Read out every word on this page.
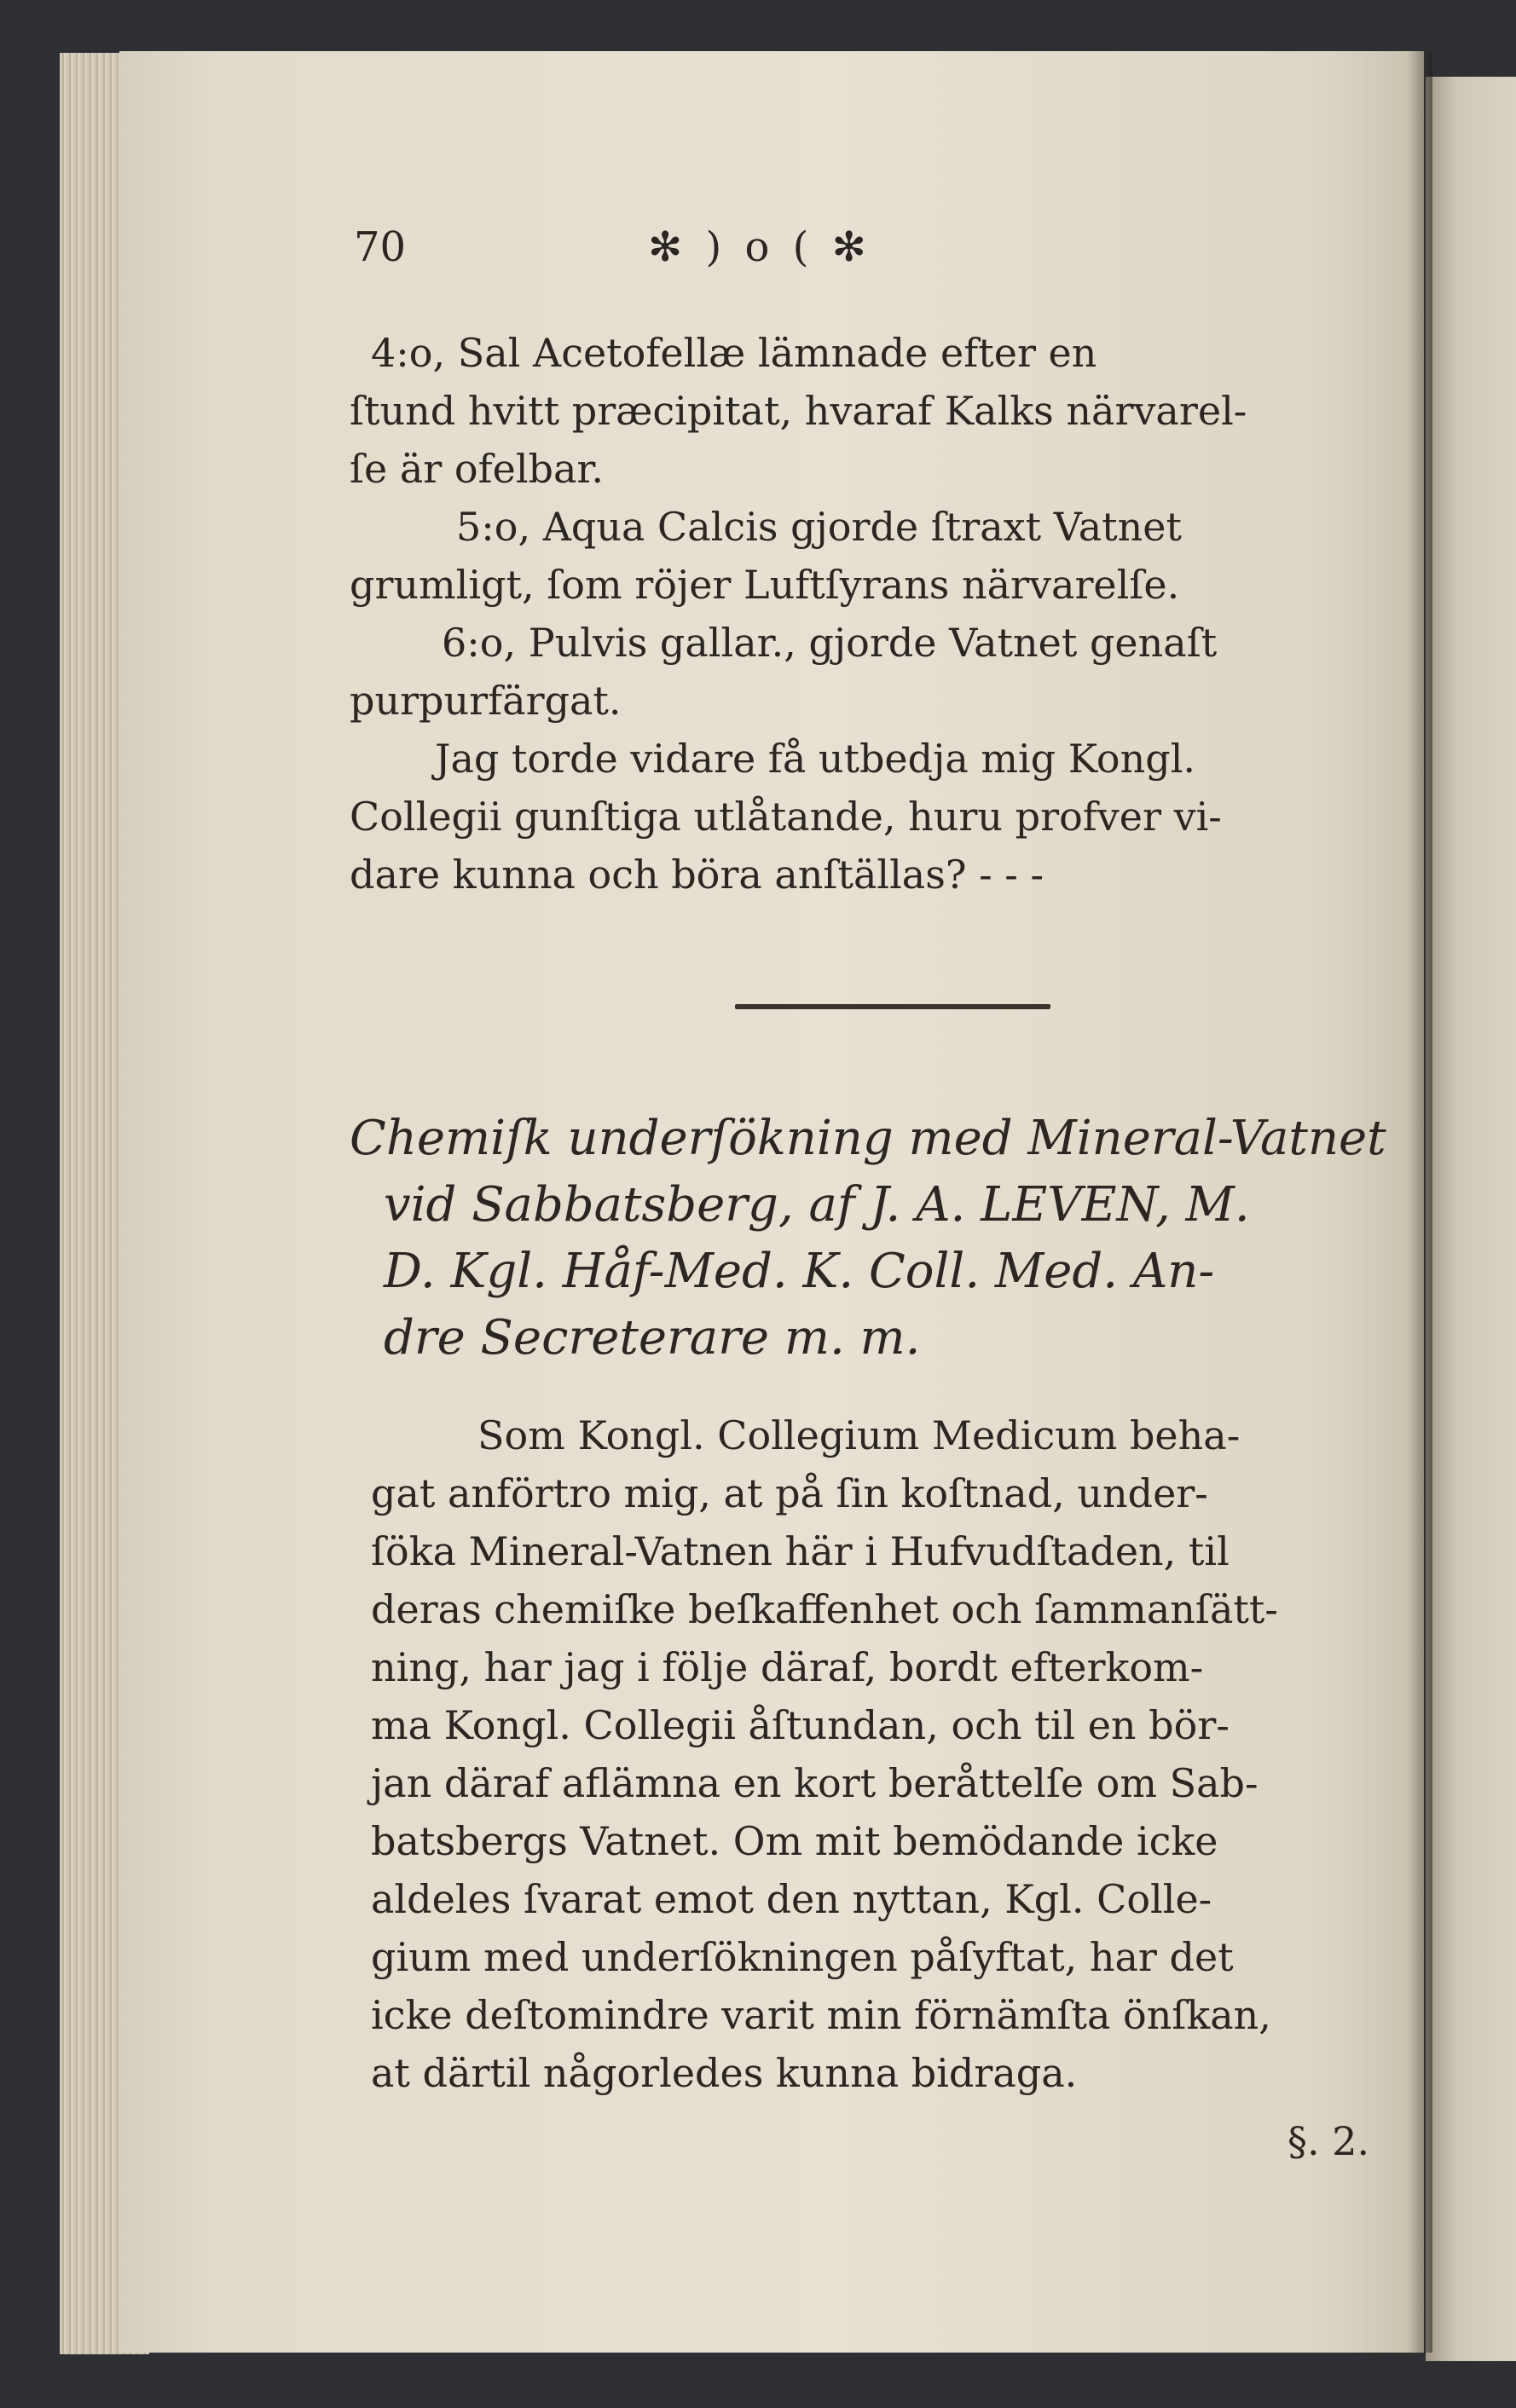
70	✻ ) o ( ✻
4:o, Sal Acetofellæ lämnade efter en
ſtund hvitt præcipitat, hvaraf Kalks närvarel-
ſe är ofelbar.
5:o, Aqua Calcis gjorde ſtraxt Vatnet
grumligt, ſom röjer Luftſyrans närvarelſe.
6:o, Pulvis gallar., gjorde Vatnet genaſt
purpurfärgat.
Jag torde vidare få utbedja mig Kongl.
Collegii gunſtiga utlåtande, huru profver vi-
dare kunna och böra anſtällas? - - -
Chemiſk underſökning med Mineral-Vatnet
vid Sabbatsberg, af J. A. LEVEN, M.
D. Kgl. Håf-Med. K. Coll. Med. An-
dre Secreterare m. m.
Som Kongl. Collegium Medicum beha-
gat anförtro mig, at på ſin koſtnad, under-
ſöka Mineral-Vatnen här i Hufvudſtaden, til
deras chemiſke beſkaffenhet och ſammanſätt-
ning, har jag i följe däraf, bordt efterkom-
ma Kongl. Collegii åſtundan, och til en bör-
jan däraf aflämna en kort beråttelſe om Sab-
batsbergs Vatnet. Om mit bemödande icke
aldeles ſvarat emot den nyttan, Kgl. Colle-
gium med underſökningen påſyftat, har det
icke deſtomindre varit min förnämſta önſkan,
at därtil någorledes kunna bidraga.
§. 2.
